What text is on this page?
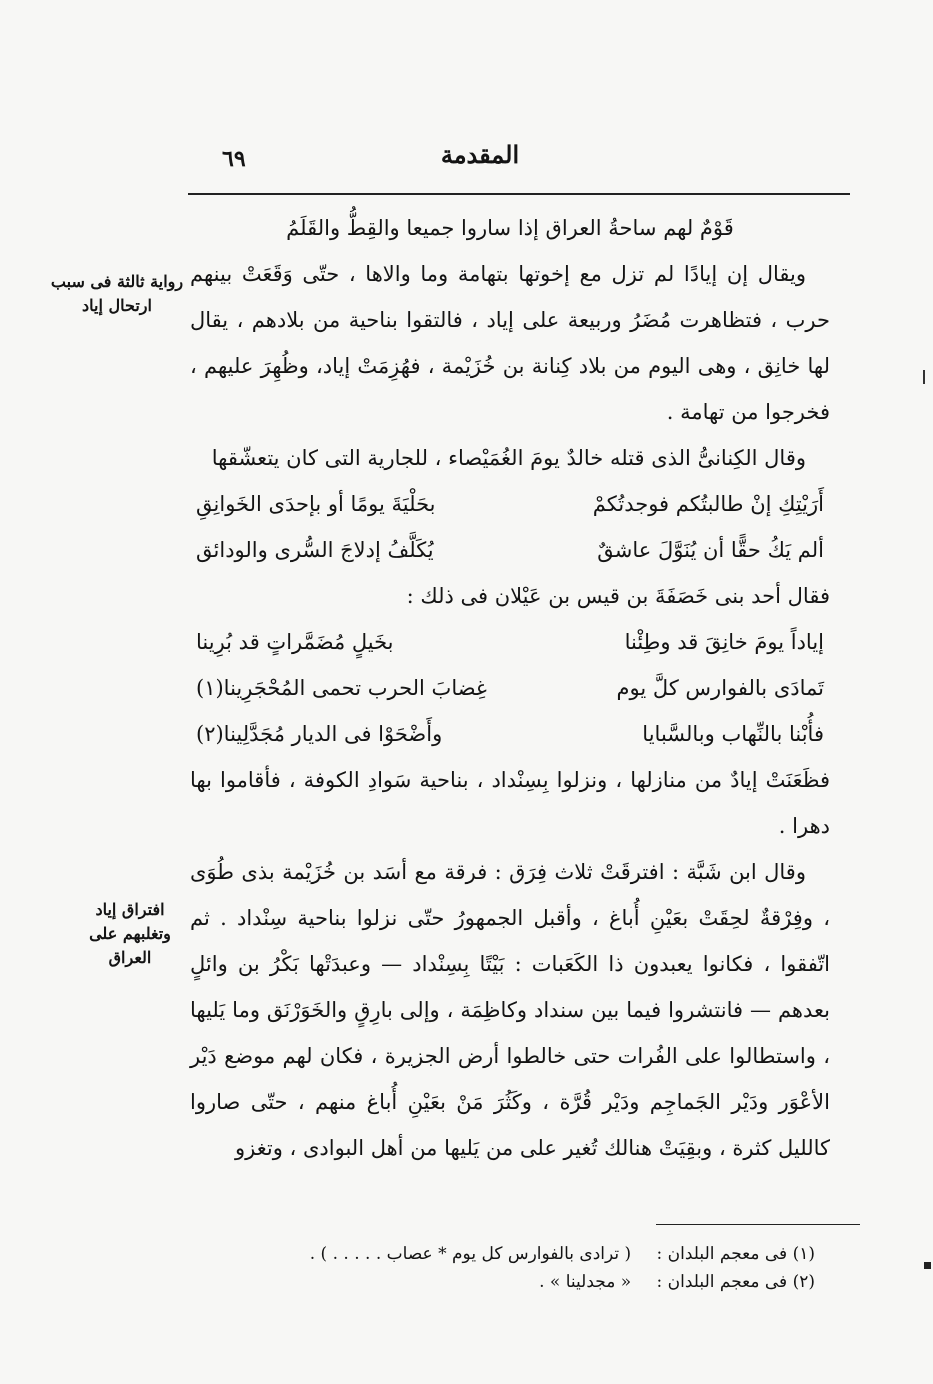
المقدمة
٦٩
رواية ثالثة فى سبب ارتحال إياد
افتراق إياد وتغلبهم على العراق

قَوْمٌ لهم ساحةُ العراق إذا ساروا جميعا والقِطُّ والقَلَمُ

ويقال إن إيادًا لم تزل مع إخوتها بتهامة وما والاها ، حتّى وَقَعَتْ بينهم حرب ، فتظاهرت مُضَرُ وربيعة على إياد ، فالتقوا بناحية من بلادهم ، يقال لها خانِق ، وهى اليوم من بلاد كِنانة بن خُزَيْمة ، فهُزِمَتْ إياد، وظُهِرَ عليهم ، فخرجوا من تهامة .

وقال الكِنانىُّ الذى قتله خالدٌ يومَ الغُمَيْصاء ، للجارية التى كان يتعشّقها

أَرَيْتِكِ إنْ طالبتُكم فوجدتُكمْ
بحَلْيَةَ يومًا أو بإحدَى الخَوانِقِ
ألم يَكُ حقًّا أن يُنَوَّلَ عاشقٌ
يُكَلَّفُ إدلاجَ السُّرى والودائق

فقال أحد بنى خَصَفَةَ بن قيس بن عَيْلان فى ذلك :

إياداً يومَ خانِقَ قد وطِئْنا
بخَيلٍ مُضَمَّراتٍ قد بُرِينا
تَمادَى بالفوارس كلَّ يوم
غِضابَ الحرب تحمى المُحْجَرِينا(١)
فأُبْنا بالنِّهاب وبالسَّبايا
وأَضْحَوْا فى الديار مُجَدَّلِينا(٢)

فظَعَنَتْ إيادٌ من منازلها ، ونزلوا بِسِنْداد ، بناحية سَوادِ الكوفة ، فأقاموا بها دهرا .

وقال ابن شَبَّة : افترقَتْ ثلاث فِرَق : فرقة مع أسَد بن خُزَيْمة بذى طُوَى ، وفِرْقةٌ لحِقَتْ بعَيْنِ أُباغ ، وأقبل الجمهورُ حتّى نزلوا بناحية سِنْداد . ثم اتّفقوا ، فكانوا يعبدون ذا الكَعَبات : بَيْتًا بِسِنْداد — وعبدَتْها بَكْرُ بن وائلٍ بعدهم — فانتشروا فيما بين سنداد وكاظِمَة ، وإلى بارِقٍ والخَوَرْنَق وما يَليها ، واستطالوا على الفُرات حتى خالطوا أرض الجزيرة ، فكان لهم موضع دَيْر الأعْوَر ودَيْر الجَماجِم ودَيْر قُرَّة ، وكَثُرَ مَنْ بعَيْنِ أُباغ منهم ، حتّى صاروا كالليل كثرة ، وبقِيَتْ هنالك تُغير على من يَليها من أهل البوادى ، وتغزو

(١) فى معجم البلدان : ( ترادى بالفوارس كل يوم * عصاب . . . . . ) .
(٢) فى معجم البلدان : « مجدلينا » .
